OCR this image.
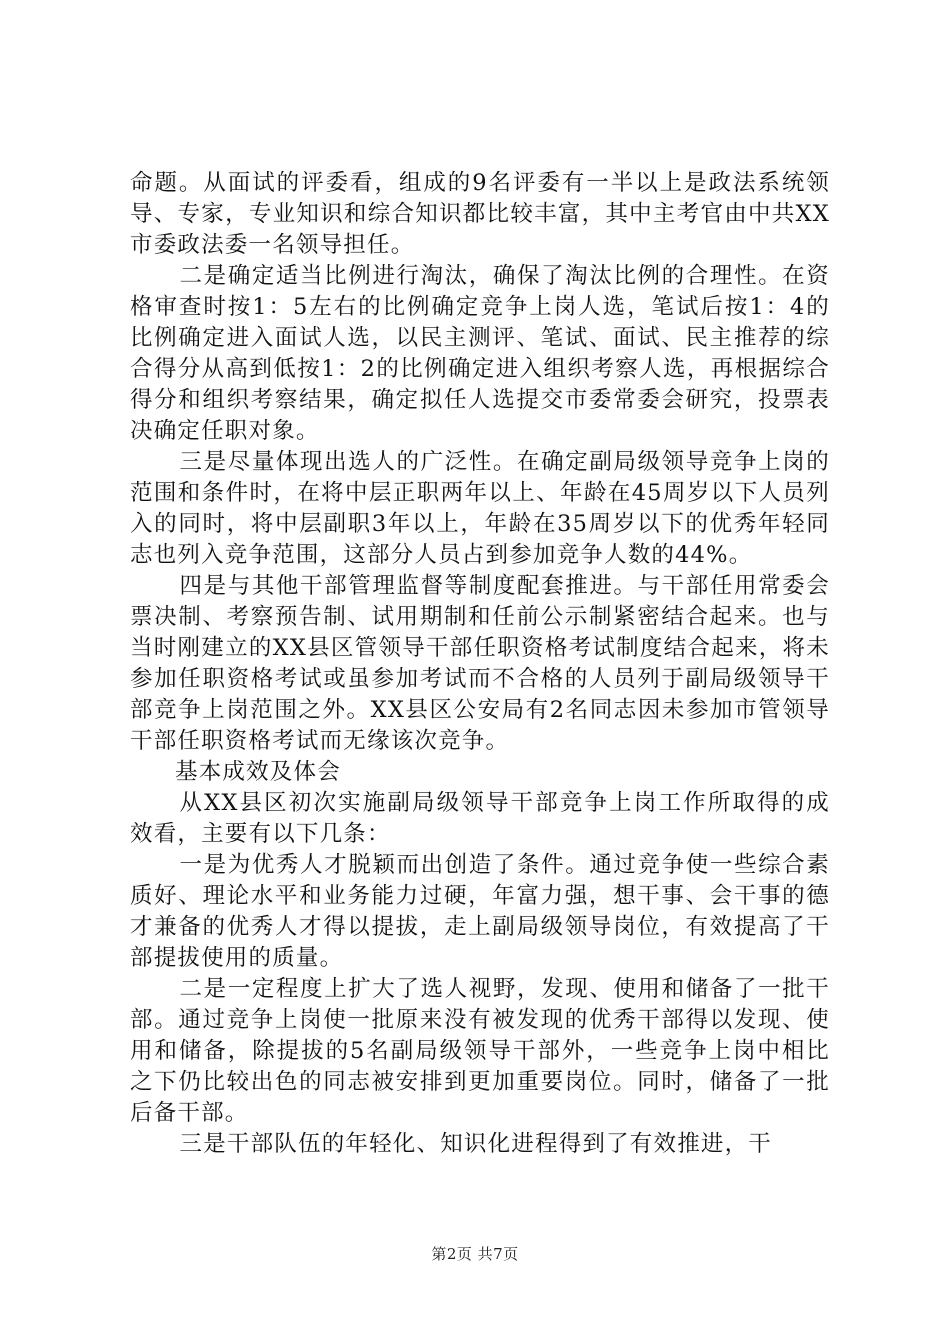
命题。从面试的评委看，组成的9名评委有一半以上是政法系统领导、专家，专业知识和综合知识都比较丰富，其中主考官由中共XX市委政法委一名领导担任。

二是确定适当比例进行淘汰，确保了淘汰比例的合理性。在资格审查时按1：5左右的比例确定竞争上岗人选，笔试后按1：4的比例确定进入面试人选，以民主测评、笔试、面试、民主推荐的综合得分从高到低按1：2的比例确定进入组织考察人选，再根据综合得分和组织考察结果，确定拟任人选提交市委常委会研究，投票表决确定任职对象。

三是尽量体现出选人的广泛性。在确定副局级领导竞争上岗的范围和条件时，在将中层正职两年以上、年龄在45周岁以下人员列入的同时，将中层副职3年以上，年龄在35周岁以下的优秀年轻同志也列入竞争范围，这部分人员占到参加竞争人数的44%。

四是与其他干部管理监督等制度配套推进。与干部任用常委会票决制、考察预告制、试用期制和任前公示制紧密结合起来。也与当时刚建立的XX县区管领导干部任职资格考试制度结合起来，将未参加任职资格考试或虽参加考试而不合格的人员列于副局级领导干部竞争上岗范围之外。XX县区公安局有2名同志因未参加市管领导干部任职资格考试而无缘该次竞争。

基本成效及体会

从XX县区初次实施副局级领导干部竞争上岗工作所取得的成效看，主要有以下几条：

一是为优秀人才脱颖而出创造了条件。通过竞争使一些综合素质好、理论水平和业务能力过硬，年富力强，想干事、会干事的德才兼备的优秀人才得以提拔，走上副局级领导岗位，有效提高了干部提拔使用的质量。

二是一定程度上扩大了选人视野，发现、使用和储备了一批干部。通过竞争上岗使一批原来没有被发现的优秀干部得以发现、使用和储备，除提拔的5名副局级领导干部外，一些竞争上岗中相比之下仍比较出色的同志被安排到更加重要岗位。同时，储备了一批后备干部。

三是干部队伍的年轻化、知识化进程得到了有效推进，干

第2页 共7页
